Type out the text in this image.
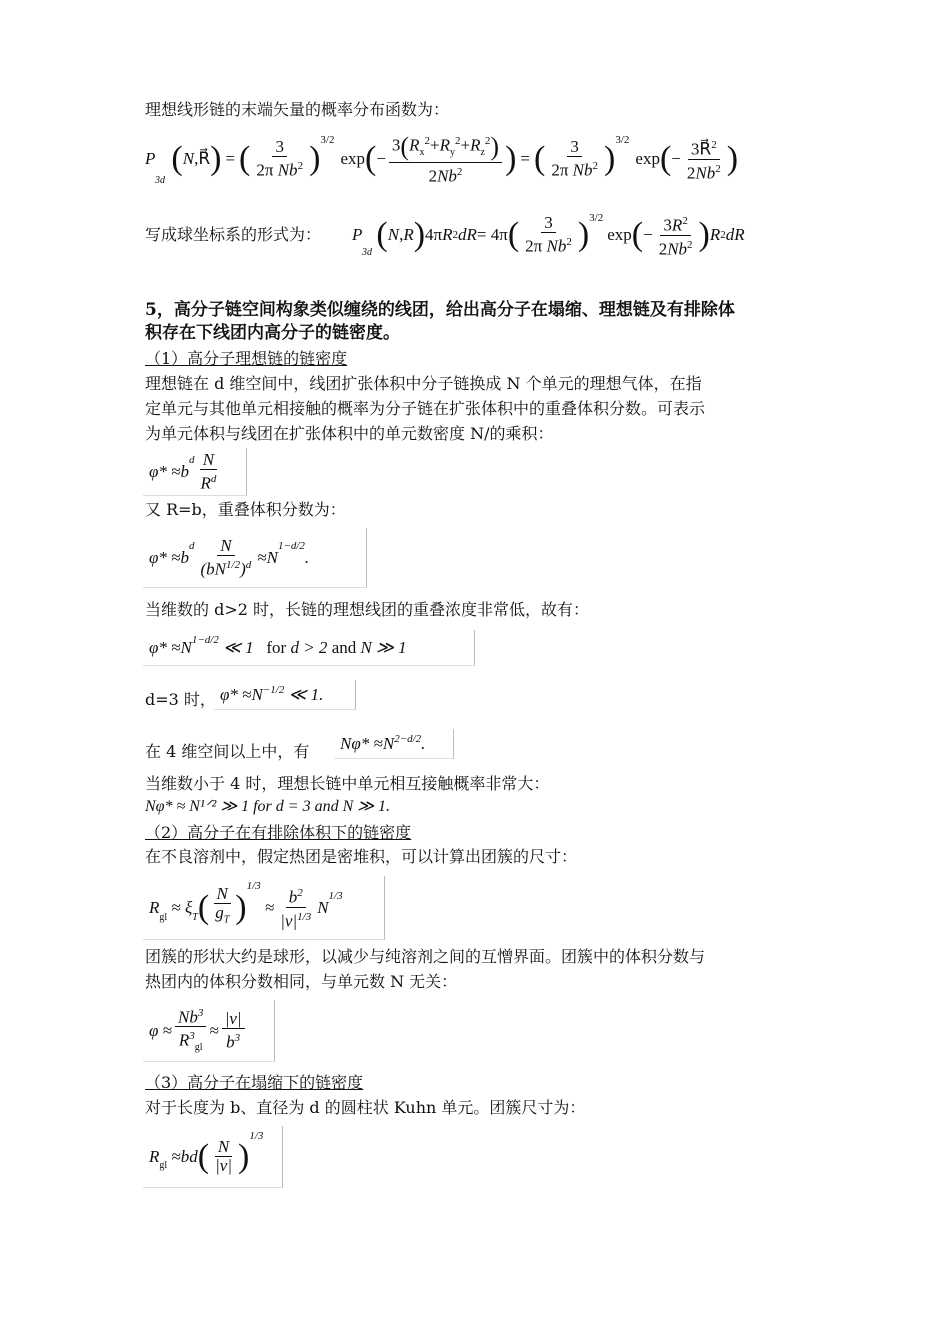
理想线形链的末端矢量的概率分布函数为：
P
3d
( N ,R⃗ ) = ( $\frac{3}{2\pi Nb^2} )^{3/2}$
exp ( − $\frac{3(R_x^2+R_y^2+R_z^2)}{2Nb^2}$ ) = ( $\frac{3}{2\pi Nb^2} )^{3/2}$
exp ( − $\frac{3R⃗^2}{2Nb^2}$ )
写成球坐标系的形式为： P
3d ( N , R ) 4π R 2 dR = 4π ( $\frac{3}{2\pi Nb^2} )^{3/2}$
exp ( − $\frac{3R^2}{2Nb^2}$ ) R 2 dR
5，高分子链空间构象类似缠绕的线团，给出高分子在塌缩、理想链及有排除体
积存在下线团内高分子的链密度。
（1）高分子理想链的链密度
理想链在 d 维空间中，线团扩张体积中分子链换成 N 个单元的理想气体，在指
定单元与其他单元相接触的概率为分子链在扩张体积中的重叠体积分数。可表示
为单元体积与线团在扩张体积中的单元数密度 N/的乘积：
φ* ≈ b
$^d \frac{N}{R^d}$
又 R=b，重叠体积分数为：
φ* ≈ b
$^d \frac{N}{(bN^{1/2})^d} \approx N$
$^{1-d/2}$
.
当维数的 d>2 时，长链的理想线团的重叠浓度非常低，故有：
$\varphi* \approx N^{1-d/2}$ ≪ 1 for
d > 2 and
N ≫ 1
d=3 时， $\varphi* \approx N^{-1/2}$ ≪ 1.
在 4 维空间以上中，有 N $\varphi* \approx N^{2-d/2}$ .
当维数小于 4 时，理想长链中单元相互接触概率非常大：
Nφ* ≈ N¹ᐟ² ≫ 1 for d = 3 and N ≫ 1.
（2）高分子在有排除体积下的链密度
在不良溶剂中，假定热团是密堆积，可以计算出团簇的尺寸：
R
$_{gl}$
≈ ξ
T ( $\frac{N}{g_T}$ )
$^{1/3}$
≈ $\frac{b^2}{|v|^{1/3}}$ N
$^{1/3}$
团簇的形状大约是球形，以减少与纯溶剂之间的互憎界面。团簇中的体积分数与
热团内的体积分数相同，与单元数 N 无关：
$\varphi \approx \frac{Nb^3}{R^3_{gl}} \approx \frac{|v|}{b^3}$
（3）高分子在塌缩下的链密度
对于长度为 b、直径为 d 的圆柱状 Kuhn 单元。团簇尺寸为：
$R_{gl}$ ≈ bd ( $\frac{N}{|v|}$ )
$^{1/3}$
